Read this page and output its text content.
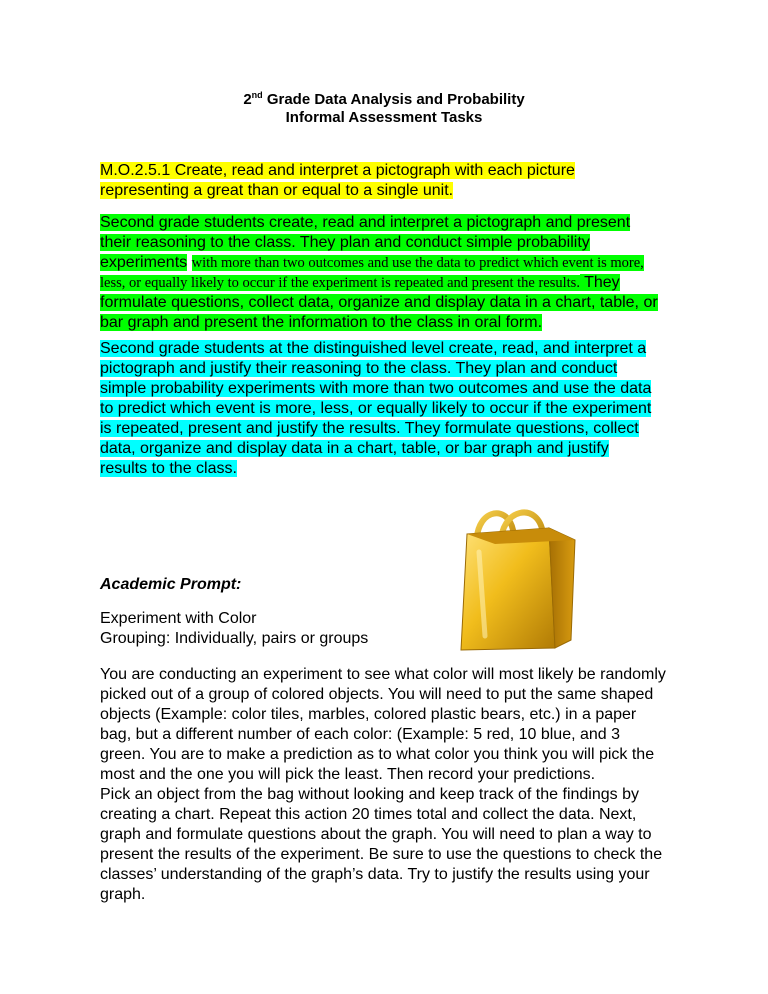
2nd Grade Data Analysis and Probability

Informal Assessment Tasks

M.O.2.5.1 Create, read and interpret a pictograph with each picture representing a great than or equal to a single unit.

Second grade students create, read and interpret a pictograph and present their reasoning to the class. They plan and conduct simple probability experiments with more than two outcomes and use the data to predict which event is more, less, or equally likely to occur if the experiment is repeated and present the results. They formulate questions, collect data, organize and display data in a chart, table, or bar graph and present the information to the class in oral form.

Second grade students at the distinguished level create, read, and interpret a pictograph and justify their reasoning to the class. They plan and conduct simple probability experiments with more than two outcomes and use the data to predict which event is more, less, or equally likely to occur if the experiment is repeated, present and justify the results. They formulate questions, collect data, organize and display data in a chart, table, or bar graph and justify results to the class.

Academic Prompt:

Experiment with Color
Grouping: Individually, pairs or groups
You are conducting an experiment to see what color will most likely be randomly picked out of a group of colored objects. You will need to put the same shaped objects (Example: color tiles, marbles, colored plastic bears, etc.) in a paper bag, but a different number of each color: (Example: 5 red, 10 blue, and 3 green. You are to make a prediction as to what color you think you will pick the most and the one you will pick the least. Then record your predictions.
Pick an object from the bag without looking and keep track of the findings by creating a chart. Repeat this action 20 times total and collect the data. Next, graph and formulate questions about the graph. You will need to plan a way to present the results of the experiment. Be sure to use the questions to check the classes’ understanding of the graph’s data. Try to justify the results using your graph.
